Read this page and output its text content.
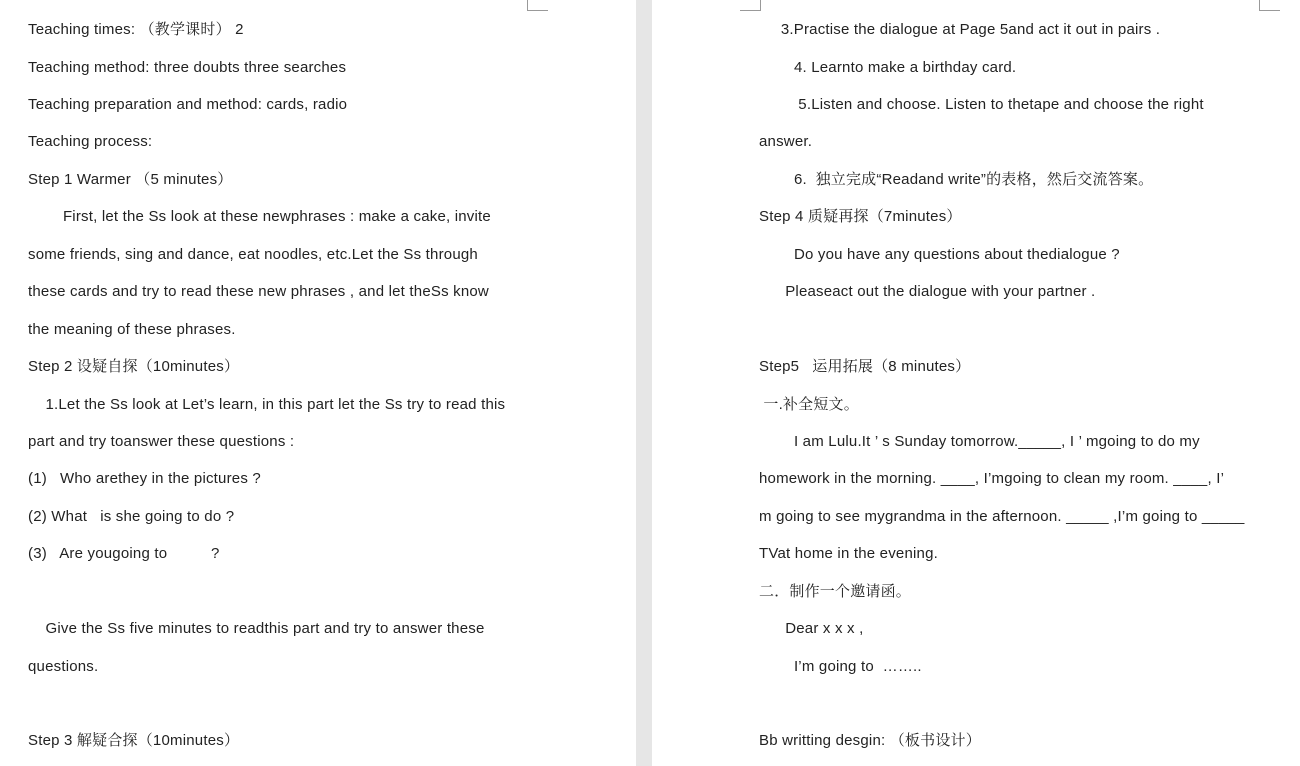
Teaching times: （教学课时） 2
Teaching method: three doubts three searches
Teaching preparation and method: cards, radio
Teaching process:
Step 1 Warmer （5 minutes）
First, let the Ss look at these newphrases : make a cake, invite
some friends, sing and dance, eat noodles, etc.Let the Ss through
these cards and try to read these new phrases , and let theSs know
the meaning of these phrases.
Step 2 设疑自探（10minutes）
1.Let the Ss look at Let’s learn, in this part let the Ss try to read this
part and try toanswer these questions :
(1)   Who arethey in the pictures ?
(2) What   is she going to do ?
(3)   Are yougoing to          ?
Give the Ss five minutes to readthis part and try to answer these
questions.
Step 3 解疑合探（10minutes）
3.Practise the dialogue at Page 5and act it out in pairs .
4. Learnto make a birthday card.
5.Listen and choose. Listen to thetape and choose the right
answer.
6.  独立完成“Readand write”的表格，然后交流答案。
Step 4 质疑再探（7minutes）
Do you have any questions about thedialogue ?
Pleaseact out the dialogue with your partner .
Step5   运用拓展（8 minutes）
一.补全短文。
I am Lulu.It ’ s Sunday tomorrow._____, I ’ mgoing to do my
homework in the morning. ____, I’mgoing to clean my room. ____, I’
m going to see mygrandma in the afternoon. _____ ,I’m going to _____
TVat home in the evening.
二．制作一个邀请函。
Dear x x x ,
I’m going to  ……..
Bb writting desgin: （板书设计）
